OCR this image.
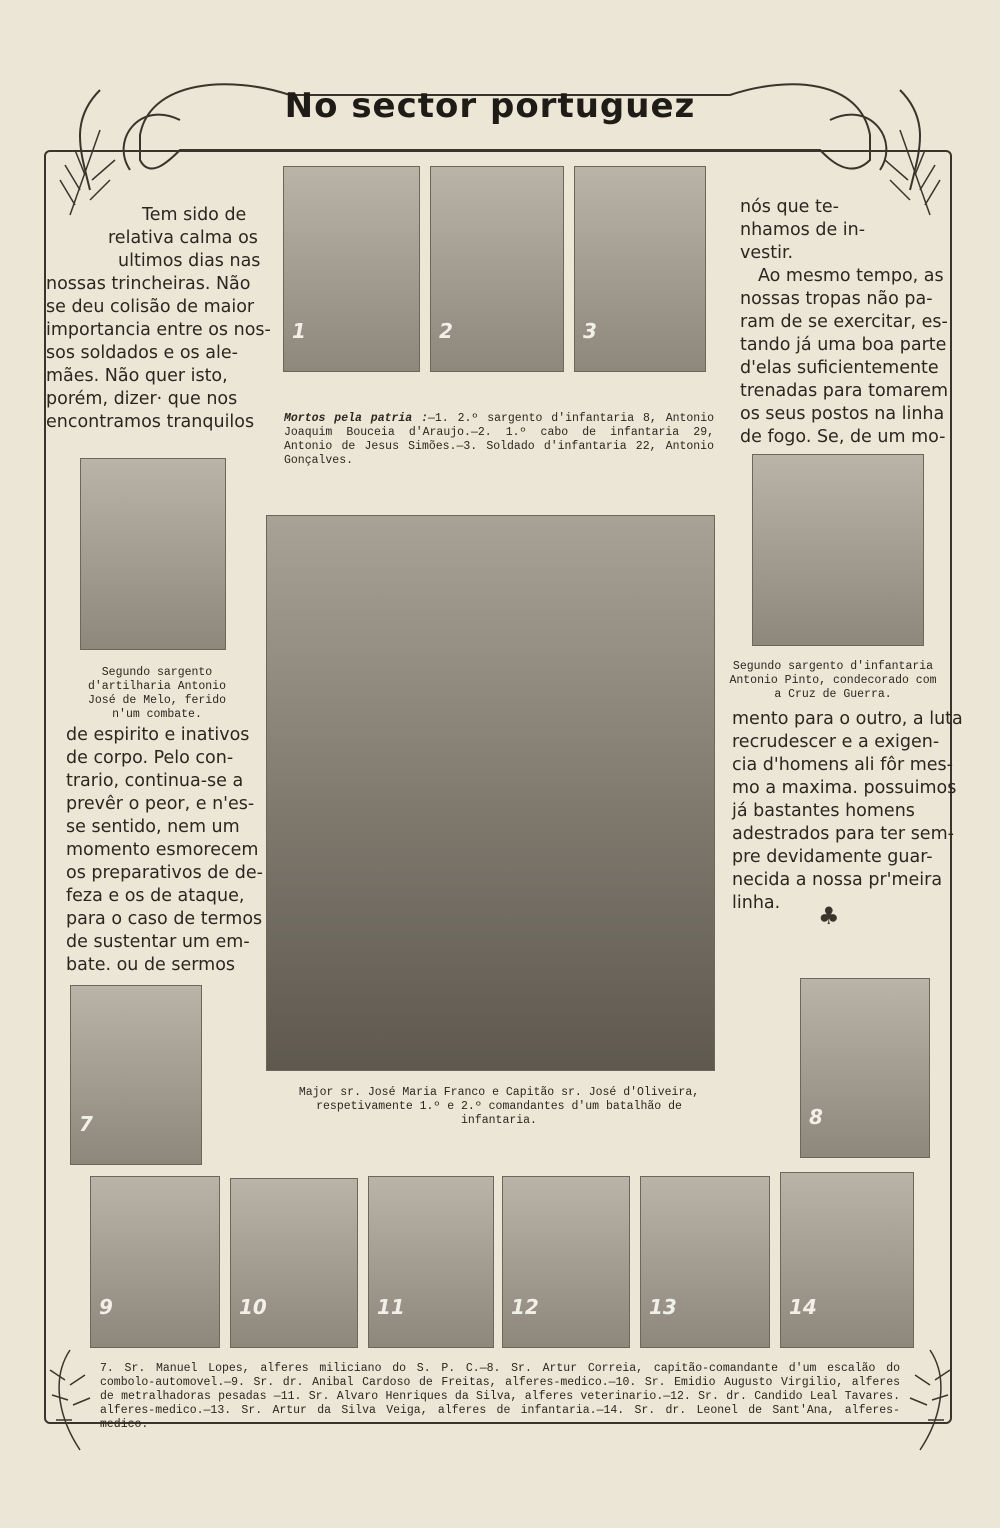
No sector portuguez
1	2	3
Tem sido de
relativa calma os
ultimos dias nas
nossas trincheiras. Não
se deu colisão de maior
importancia entre os nos-
sos soldados e os ale-
mães. Não quer isto,
porém, dizer· que nos
encontramos tranquilos
nós que te-
nhamos de in-
vestir.
Ao mesmo tempo, as
nossas tropas não pa-
ram de se exercitar, es-
tando já uma boa parte
d'elas suficientemente
trenadas para tomarem
os seus postos na linha
de fogo. Se, de um mo-
Mortos pela patria :—1. 2.º sargento d'infantaria 8, Antonio Joaquim Bouceia d'Araujo.—2. 1.º cabo de infantaria 29, Antonio de Jesus Simões.—3. Soldado d'infantaria 22, Antonio Gonçalves.
Segundo sargento d'artilharia Antonio José de Melo, ferido n'um combate.
Segundo sargento d'infantaria Antonio Pinto, condecorado com a Cruz de Guerra.
Major sr. José Maria Franco e Capitão sr. José d'Oliveira, respetivamente 1.º e 2.º comandantes d'um batalhão de infantaria.
de espirito e inativos
de corpo. Pelo con-
trario, continua-se a
prevêr o peor, e n'es-
se sentido, nem um
momento esmorecem
os preparativos de de-
feza e os de ataque,
para o caso de termos
de sustentar um em-
bate. ou de sermos
mento para o outro, a luta
recrudescer e a exigen-
cia d'homens ali fôr mes-
mo a maxima. possuimos
já bastantes homens
adestrados para ter sem-
pre devidamente guar-
necida a nossa pr'meira
linha.	♣
7	8
9	10	11	12	13	14
7. Sr. Manuel Lopes, alferes miliciano do S. P. C.—8. Sr. Artur Correia, capitão-comandante d'um escalão do combolo-automovel.—9. Sr. dr. Anibal Cardoso de Freitas, alferes-medico.—10. Sr. Emidio Augusto Virgilio, alferes de metralhadoras pesadas —11. Sr. Alvaro Henriques da Silva, alferes veterinario.—12. Sr. dr. Candido Leal Tavares. alferes-medico.—13. Sr. Artur da Silva Veiga, alferes de infantaria.—14. Sr. dr. Leonel de Sant'Ana, alferes-medico.
